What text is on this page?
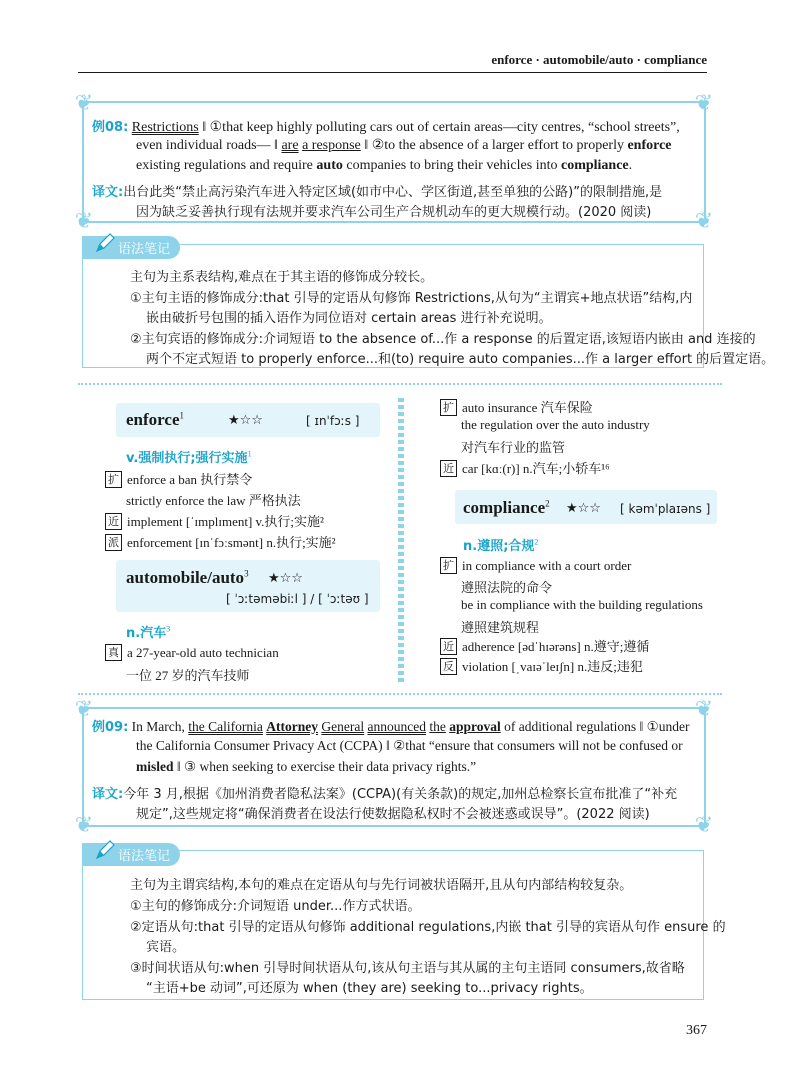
enforce · automobile/auto · compliance
❦	❦
❦	❦
例08: Restrictions ‖ ①that keep highly polluting cars out of certain areas—city centres, “school streets”,
even individual roads— ‖ are a response ‖ ②to the absence of a larger effort to properly enforce
existing regulations and require auto companies to bring their vehicles into compliance.
译文:出台此类“禁止高污染汽车进入特定区域(如市中心、学区街道,甚至单独的公路)”的限制措施,是
因为缺乏妥善执行现有法规并要求汽车公司生产合规机动车的更大规模行动。(2020 阅读)
语法笔记
主句为主系表结构,难点在于其主语的修饰成分较长。
①主句主语的修饰成分:that 引导的定语从句修饰 Restrictions,从句为“主谓宾+地点状语”结构,内
嵌由破折号包围的插入语作为同位语对 certain areas 进行补充说明。
②主句宾语的修饰成分:介词短语 to the absence of...作 a response 的后置定语,该短语内嵌由 and 连接的
两个不定式短语 to properly enforce...和(to) require auto companies...作 a larger effort 的后置定语。
enforce$^1$	★☆☆	[ ɪnˈfɔːs ]
v.强制执行;强行实施$^1$
扩 enforce a ban 执行禁令
strictly enforce the law 严格执法
近 implement [ˈɪmplɪment] v.执行;实施²
派 enforcement [ɪnˈfɔːsmənt] n.执行;实施²
automobile/auto$^3$ ★☆☆
[ ˈɔːtəməbiːl ] / [ ˈɔːtəʊ ]
n.汽车$^3$
真 a 27-year-old auto technician
一位 27 岁的汽车技师
扩 auto insurance 汽车保险
the regulation over the auto industry
对汽车行业的监管
近 car [kɑː(r)] n.汽车;小轿车¹⁶
compliance$^2$ ★☆☆ [ kəmˈplaɪəns ]
n.遵照;合规$^2$
扩 in compliance with a court order
遵照法院的命令
be in compliance with the building regulations
遵照建筑规程
近 adherence [ədˈhɪərəns] n.遵守;遵循
反 violation [ˌvaɪəˈleɪʃn] n.违反;违犯
❦	❦
❦	❦
例09: In March, the California Attorney General announced the approval of additional regulations ‖ ①under
the California Consumer Privacy Act (CCPA) ‖ ②that “ensure that consumers will not be confused or
misled ‖ ③ when seeking to exercise their data privacy rights.”
译文:今年 3 月,根据《加州消费者隐私法案》(CCPA)(有关条款)的规定,加州总检察长宣布批准了“补充
规定”,这些规定将“确保消费者在设法行使数据隐私权时不会被迷惑或误导”。(2022 阅读)
语法笔记
主句为主谓宾结构,本句的难点在定语从句与先行词被状语隔开,且从句内部结构较复杂。
①主句的修饰成分:介词短语 under...作方式状语。
②定语从句:that 引导的定语从句修饰 additional regulations,内嵌 that 引导的宾语从句作 ensure 的
宾语。
③时间状语从句:when 引导时间状语从句,该从句主语与其从属的主句主语同 consumers,故省略
“主语+be 动词”,可还原为 when (they are) seeking to...privacy rights。
367
